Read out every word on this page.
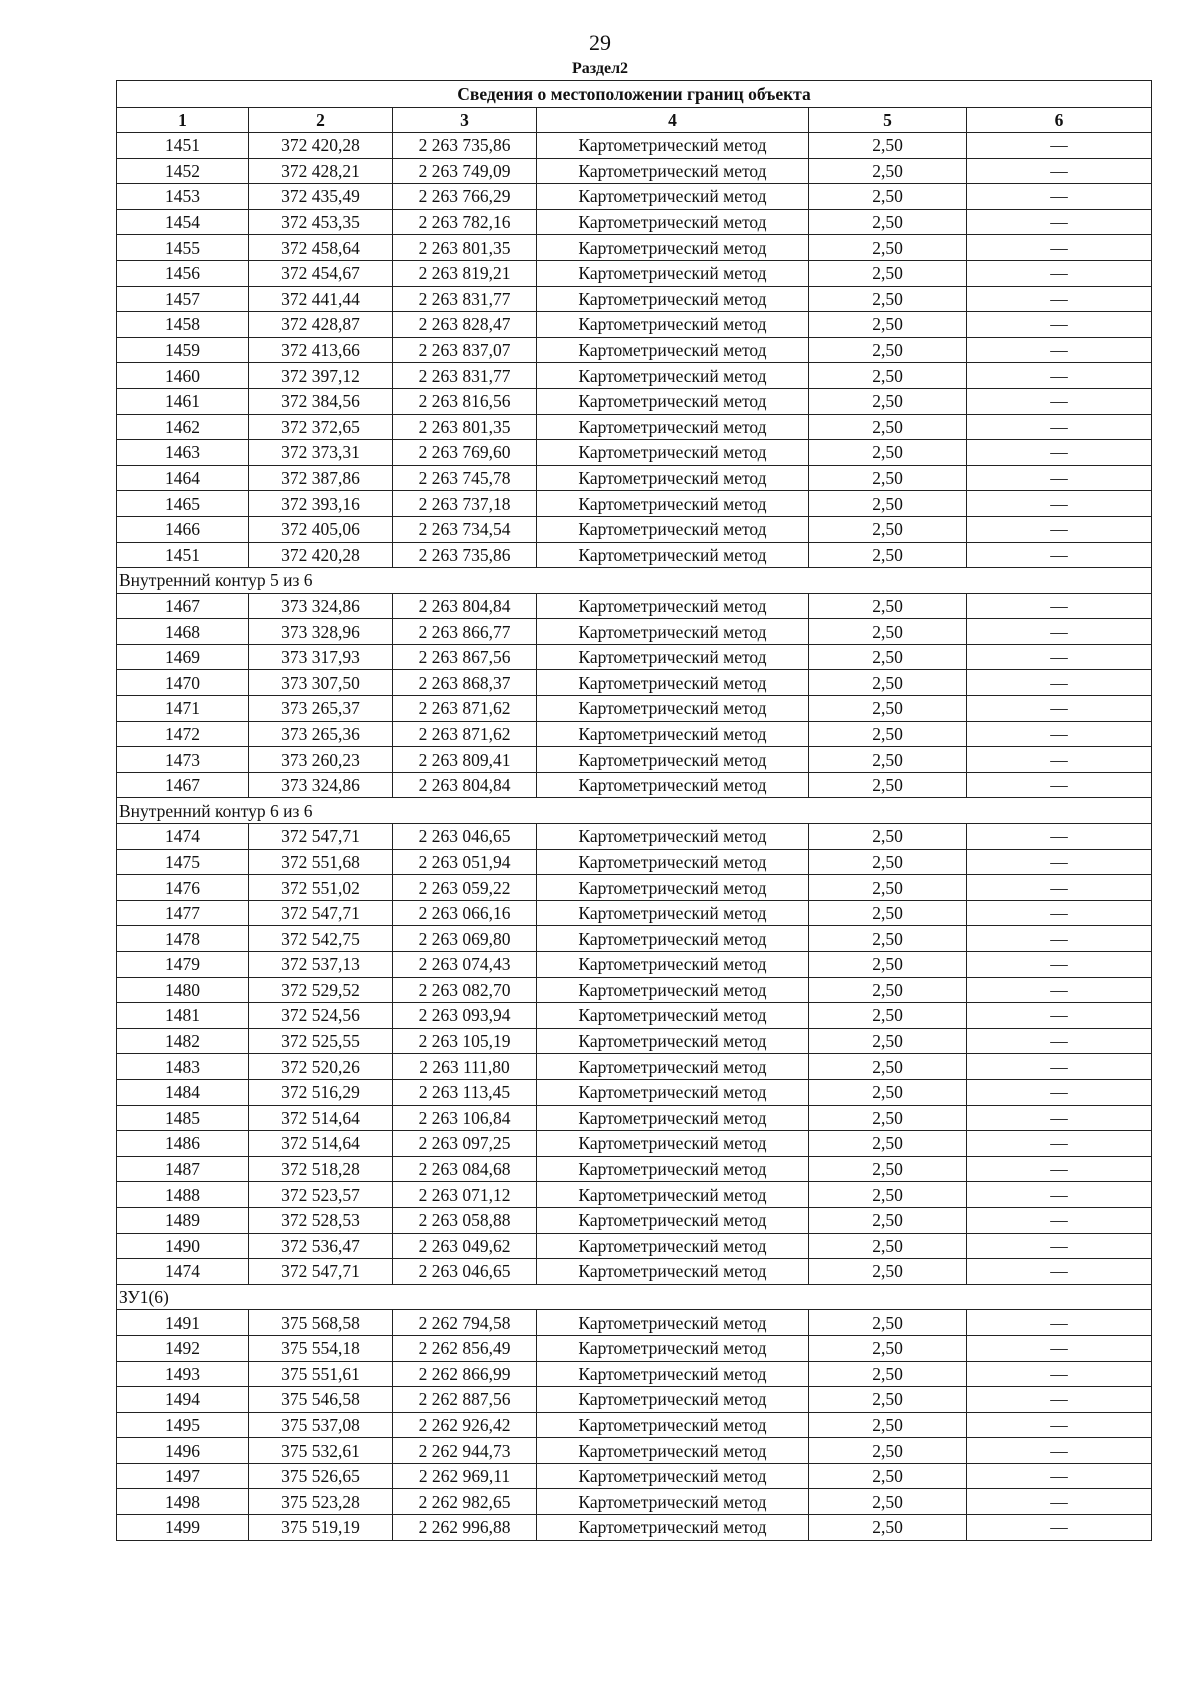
29
Раздел2
Сведения о местоположении границ объекта					
1	2	3	4	5	6
1451	372 420,28	2 263 735,86	Картометрический метод	2,50	—
1452	372 428,21	2 263 749,09	Картометрический метод	2,50	—
1453	372 435,49	2 263 766,29	Картометрический метод	2,50	—
1454	372 453,35	2 263 782,16	Картометрический метод	2,50	—
1455	372 458,64	2 263 801,35	Картометрический метод	2,50	—
1456	372 454,67	2 263 819,21	Картометрический метод	2,50	—
1457	372 441,44	2 263 831,77	Картометрический метод	2,50	—
1458	372 428,87	2 263 828,47	Картометрический метод	2,50	—
1459	372 413,66	2 263 837,07	Картометрический метод	2,50	—
1460	372 397,12	2 263 831,77	Картометрический метод	2,50	—
1461	372 384,56	2 263 816,56	Картометрический метод	2,50	—
1462	372 372,65	2 263 801,35	Картометрический метод	2,50	—
1463	372 373,31	2 263 769,60	Картометрический метод	2,50	—
1464	372 387,86	2 263 745,78	Картометрический метод	2,50	—
1465	372 393,16	2 263 737,18	Картометрический метод	2,50	—
1466	372 405,06	2 263 734,54	Картометрический метод	2,50	—
1451	372 420,28	2 263 735,86	Картометрический метод	2,50	—
Внутренний контур 5 из 6					
1467	373 324,86	2 263 804,84	Картометрический метод	2,50	—
1468	373 328,96	2 263 866,77	Картометрический метод	2,50	—
1469	373 317,93	2 263 867,56	Картометрический метод	2,50	—
1470	373 307,50	2 263 868,37	Картометрический метод	2,50	—
1471	373 265,37	2 263 871,62	Картометрический метод	2,50	—
1472	373 265,36	2 263 871,62	Картометрический метод	2,50	—
1473	373 260,23	2 263 809,41	Картометрический метод	2,50	—
1467	373 324,86	2 263 804,84	Картометрический метод	2,50	—
Внутренний контур 6 из 6					
1474	372 547,71	2 263 046,65	Картометрический метод	2,50	—
1475	372 551,68	2 263 051,94	Картометрический метод	2,50	—
1476	372 551,02	2 263 059,22	Картометрический метод	2,50	—
1477	372 547,71	2 263 066,16	Картометрический метод	2,50	—
1478	372 542,75	2 263 069,80	Картометрический метод	2,50	—
1479	372 537,13	2 263 074,43	Картометрический метод	2,50	—
1480	372 529,52	2 263 082,70	Картометрический метод	2,50	—
1481	372 524,56	2 263 093,94	Картометрический метод	2,50	—
1482	372 525,55	2 263 105,19	Картометрический метод	2,50	—
1483	372 520,26	2 263 111,80	Картометрический метод	2,50	—
1484	372 516,29	2 263 113,45	Картометрический метод	2,50	—
1485	372 514,64	2 263 106,84	Картометрический метод	2,50	—
1486	372 514,64	2 263 097,25	Картометрический метод	2,50	—
1487	372 518,28	2 263 084,68	Картометрический метод	2,50	—
1488	372 523,57	2 263 071,12	Картометрический метод	2,50	—
1489	372 528,53	2 263 058,88	Картометрический метод	2,50	—
1490	372 536,47	2 263 049,62	Картометрический метод	2,50	—
1474	372 547,71	2 263 046,65	Картометрический метод	2,50	—
ЗУ1(6)					
1491	375 568,58	2 262 794,58	Картометрический метод	2,50	—
1492	375 554,18	2 262 856,49	Картометрический метод	2,50	—
1493	375 551,61	2 262 866,99	Картометрический метод	2,50	—
1494	375 546,58	2 262 887,56	Картометрический метод	2,50	—
1495	375 537,08	2 262 926,42	Картометрический метод	2,50	—
1496	375 532,61	2 262 944,73	Картометрический метод	2,50	—
1497	375 526,65	2 262 969,11	Картометрический метод	2,50	—
1498	375 523,28	2 262 982,65	Картометрический метод	2,50	—
1499	375 519,19	2 262 996,88	Картометрический метод	2,50	—
